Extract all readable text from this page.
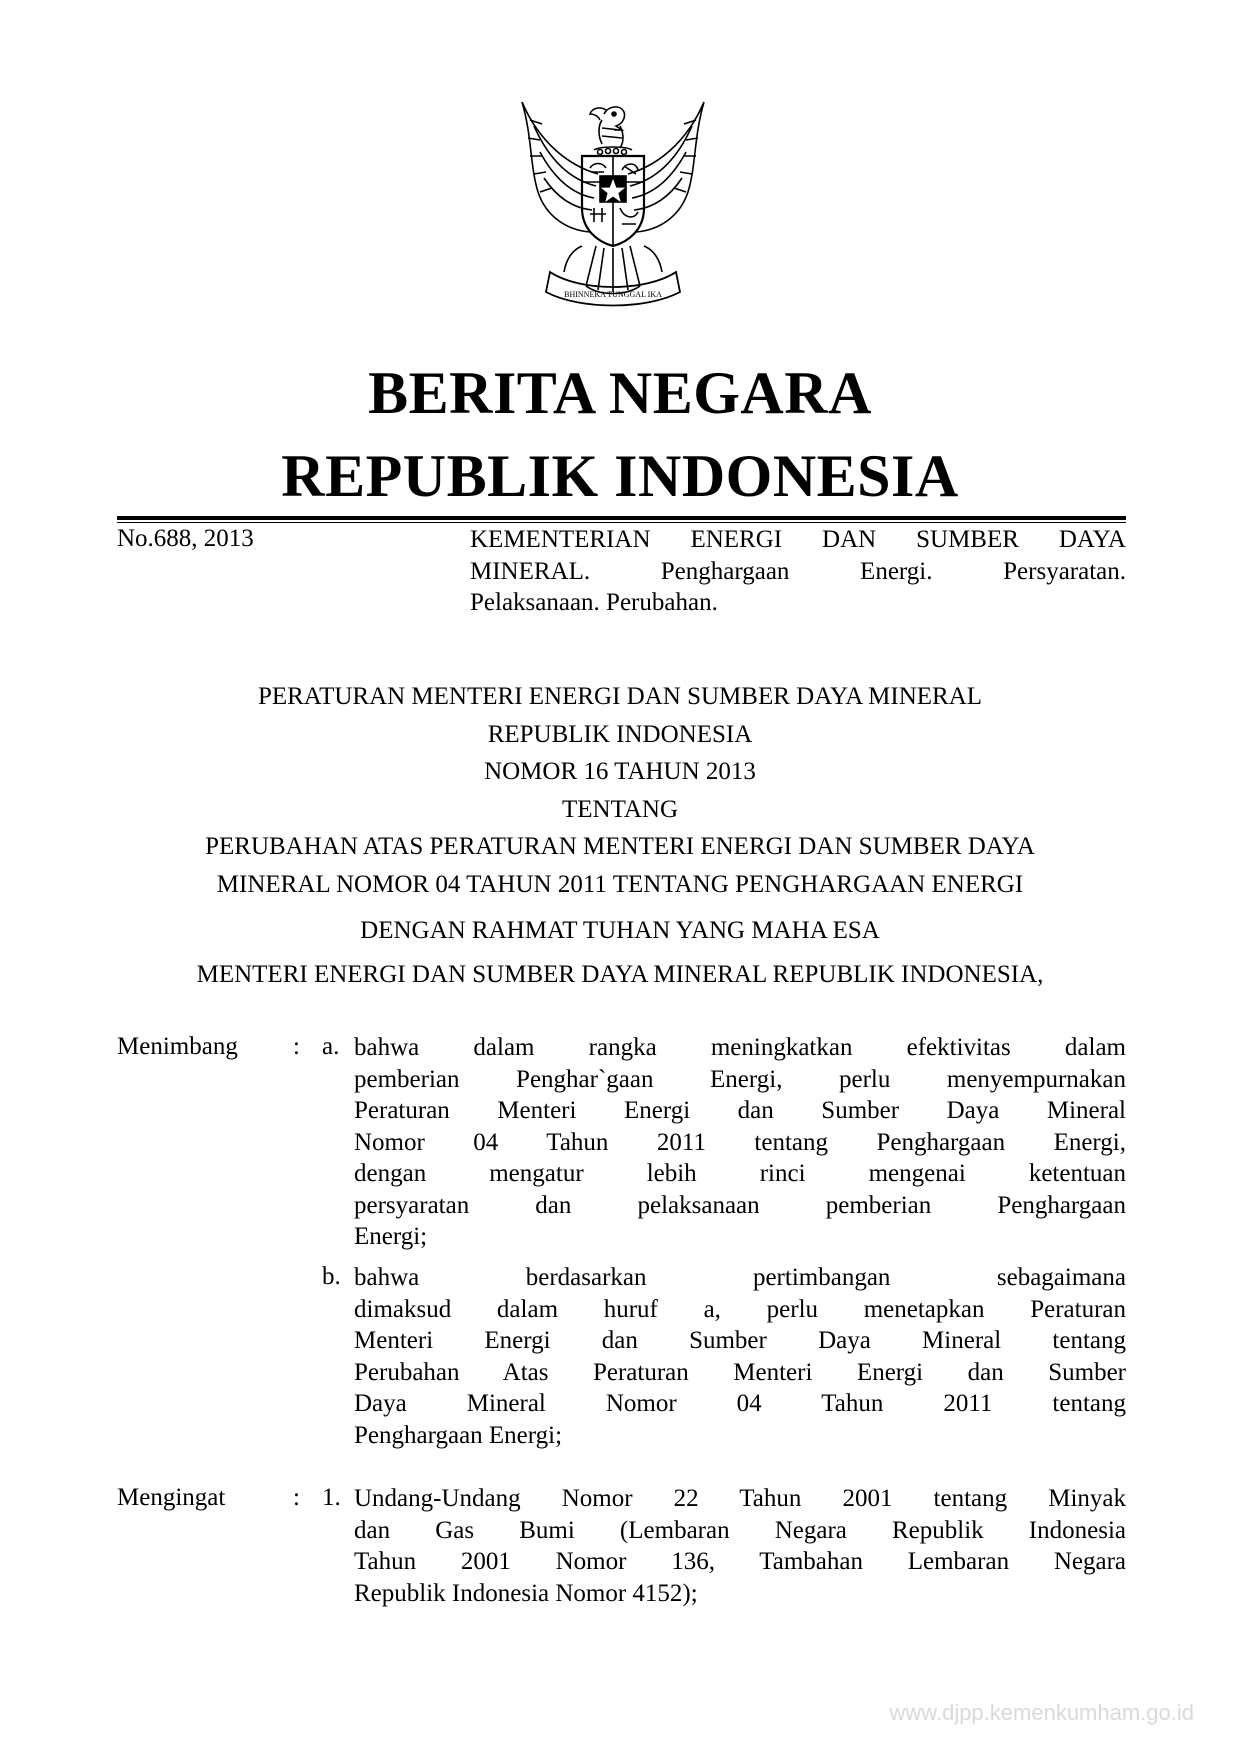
BHINNEKA TUNGGAL IKA
BERITA NEGARA
REPUBLIK INDONESIA
No.688, 2013	KEMENTERIAN ENERGI DAN SUMBER DAYA
MINERAL. Penghargaan Energi. Persyaratan.
Pelaksanaan. Perubahan.
PERATURAN MENTERI ENERGI DAN SUMBER DAYA MINERAL
REPUBLIK INDONESIA
NOMOR 16 TAHUN 2013
TENTANG
PERUBAHAN ATAS PERATURAN MENTERI ENERGI DAN SUMBER DAYA
MINERAL NOMOR 04 TAHUN 2011 TENTANG PENGHARGAAN ENERGI
DENGAN RAHMAT TUHAN YANG MAHA ESA
MENTERI ENERGI DAN SUMBER DAYA MINERAL REPUBLIK INDONESIA,
Menimbang : a. bahwa dalam rangka meningkatkan efektivitas dalam
pemberian Penghar`gaan Energi, perlu menyempurnakan
Peraturan Menteri Energi dan Sumber Daya Mineral
Nomor 04 Tahun 2011 tentang Penghargaan Energi,
dengan mengatur lebih rinci mengenai ketentuan
persyaratan dan pelaksanaan pemberian Penghargaan
Energi;
b. bahwa berdasarkan pertimbangan sebagaimana
dimaksud dalam huruf a, perlu menetapkan Peraturan
Menteri Energi dan Sumber Daya Mineral tentang
Perubahan Atas Peraturan Menteri Energi dan Sumber
Daya Mineral Nomor 04 Tahun 2011 tentang
Penghargaan Energi;
Mengingat	: 1. Undang-Undang Nomor 22 Tahun 2001 tentang Minyak
dan Gas Bumi (Lembaran Negara Republik Indonesia
Tahun 2001 Nomor 136, Tambahan Lembaran Negara
Republik Indonesia Nomor 4152);
www.djpp.kemenkumham.go.id
